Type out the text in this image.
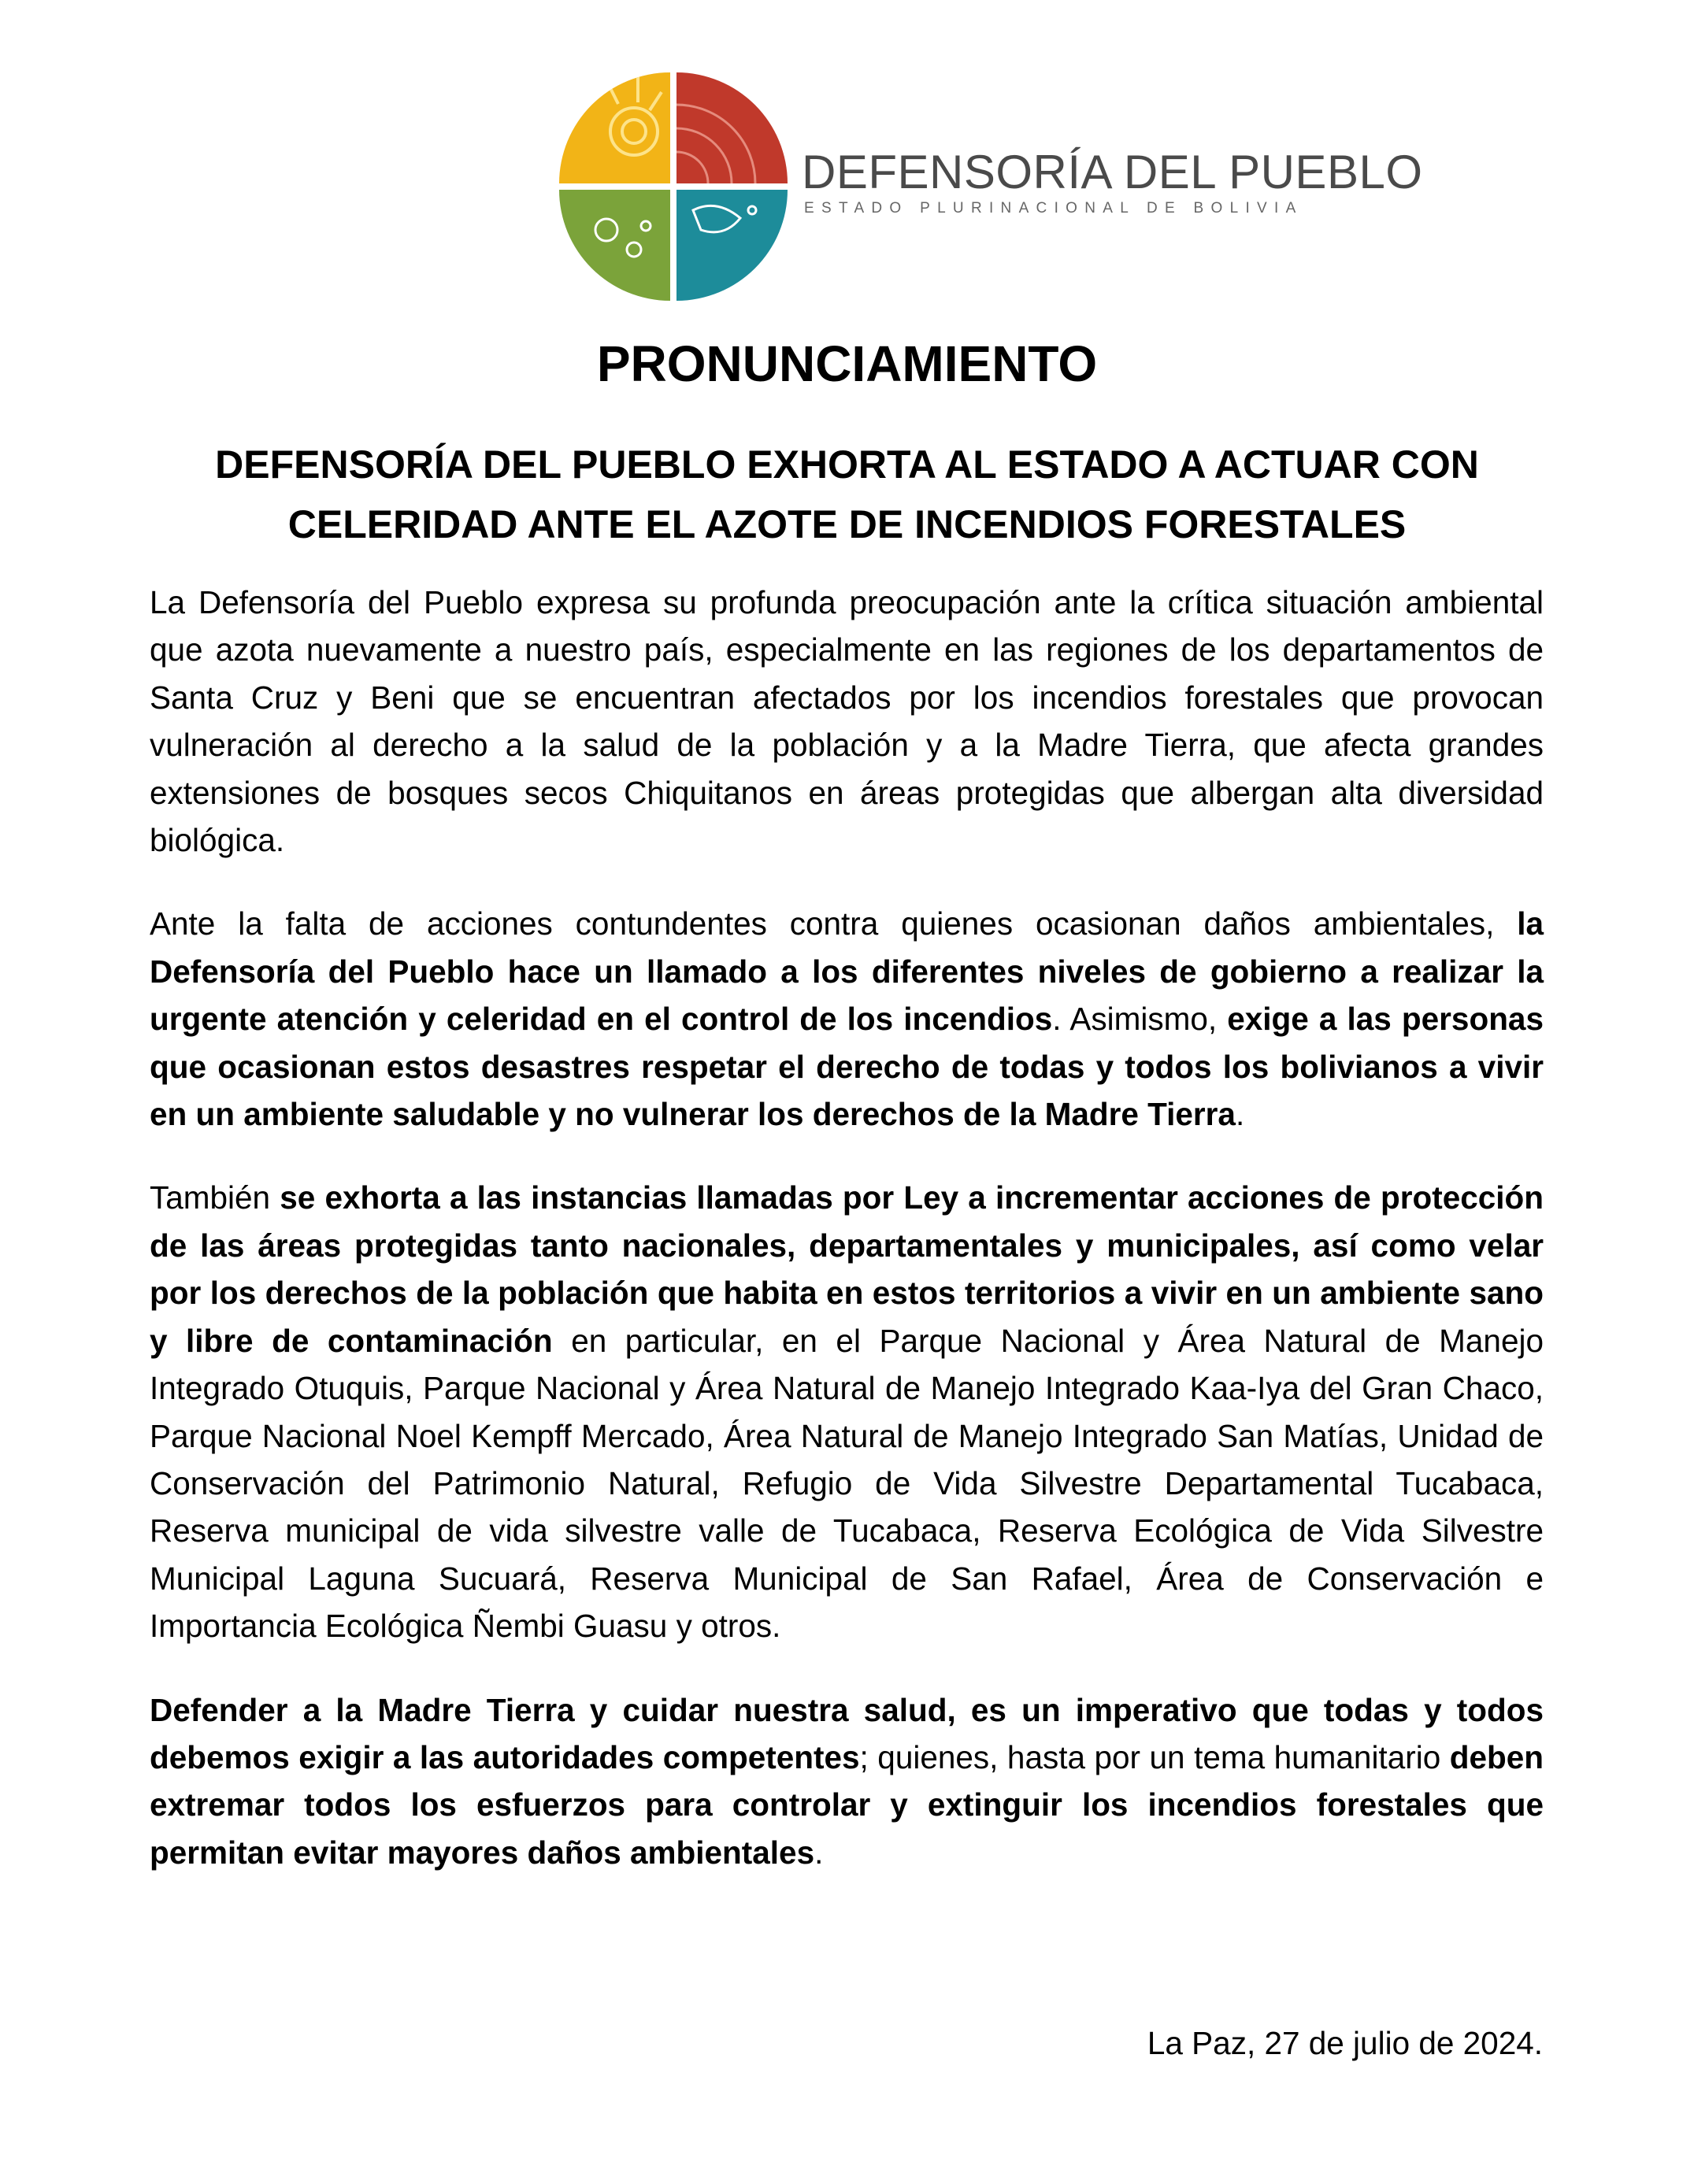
DEFENSORÍA DEL PUEBLO
ESTADO PLURINACIONAL DE BOLIVIA
PRONUNCIAMIENTO
DEFENSORÍA DEL PUEBLO EXHORTA AL ESTADO A ACTUAR CON CELERIDAD ANTE EL AZOTE DE INCENDIOS FORESTALES

La Defensoría del Pueblo expresa su profunda preocupación ante la crítica situación ambiental que azota nuevamente a nuestro país, especialmente en las regiones de los departamentos de Santa Cruz y Beni que se encuentran afectados por los incendios forestales que provocan vulneración al derecho a la salud de la población y a la Madre Tierra, que afecta grandes extensiones de bosques secos Chiquitanos en áreas protegidas que albergan alta diversidad biológica.

Ante la falta de acciones contundentes contra quienes ocasionan daños ambientales, la Defensoría del Pueblo hace un llamado a los diferentes niveles de gobierno a realizar la urgente atención y celeridad en el control de los incendios. Asimismo, exige a las personas que ocasionan estos desastres respetar el derecho de todas y todos los bolivianos a vivir en un ambiente saludable y no vulnerar los derechos de la Madre Tierra.

También se exhorta a las instancias llamadas por Ley a incrementar acciones de protección de las áreas protegidas tanto nacionales, departamentales y municipales, así como velar por los derechos de la población que habita en estos territorios a vivir en un ambiente sano y libre de contaminación en particular, en el Parque Nacional y Área Natural de Manejo Integrado Otuquis, Parque Nacional y Área Natural de Manejo Integrado Kaa-Iya del Gran Chaco, Parque Nacional Noel Kempff Mercado, Área Natural de Manejo Integrado San Matías, Unidad de Conservación del Patrimonio Natural, Refugio de Vida Silvestre Departamental Tucabaca, Reserva municipal de vida silvestre valle de Tucabaca, Reserva Ecológica de Vida Silvestre Municipal Laguna Sucuará, Reserva Municipal de San Rafael, Área de Conservación e Importancia Ecológica Ñembi Guasu y otros.

Defender a la Madre Tierra y cuidar nuestra salud, es un imperativo que todas y todos debemos exigir a las autoridades competentes; quienes, hasta por un tema humanitario deben extremar todos los esfuerzos para controlar y extinguir los incendios forestales que permitan evitar mayores daños ambientales.

La Paz, 27 de julio de 2024.
